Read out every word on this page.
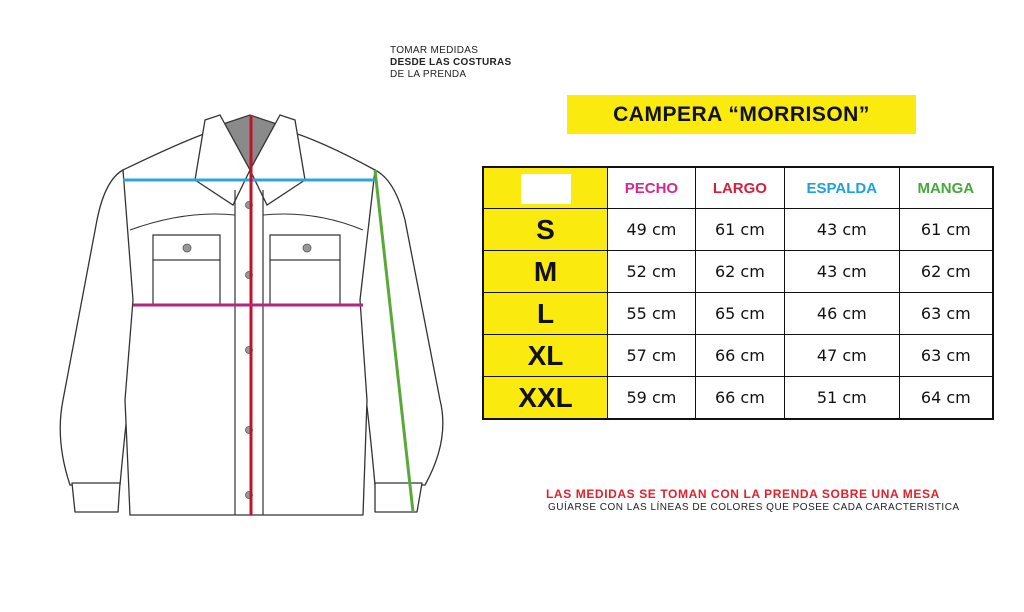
TOMAR MEDIDAS
DESDE LAS COSTURAS
DE LA PRENDA
CAMPERA “MORRISON”
	PECHO	LARGO	ESPALDA	MANGA
S	49 cm	61 cm	43 cm	61 cm
M	52 cm	62 cm	43 cm	62 cm
L	55 cm	65 cm	46 cm	63 cm
XL	57 cm	66 cm	47 cm	63 cm
XXL	59 cm	66 cm	51 cm	64 cm
LAS MEDIDAS SE TOMAN CON LA PRENDA SOBRE UNA MESA
GUÍARSE CON LAS LÍNEAS DE COLORES QUE POSEE CADA CARACTERISTICA
